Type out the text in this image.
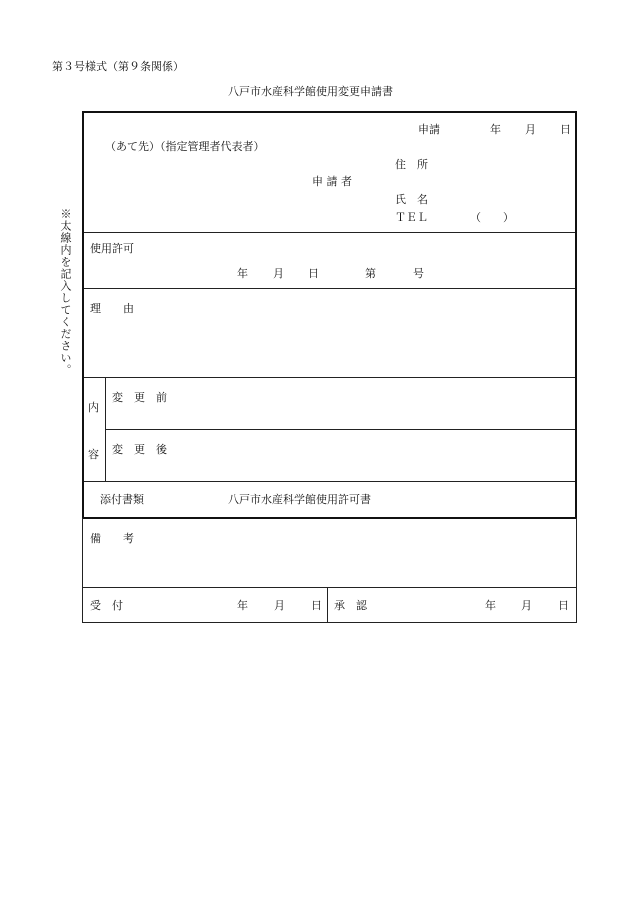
第３号様式（第９条関係）
八戸市水産科学館使用変更申請書
※太線内を記入してください。
申請	年 月 日
（あて先）（指定管理者代表者）
住　所
申 請 者
氏　名
ＴＥＬ	（　　）
使用許可
年 月 日	第	号
理　　由
内
容
変　更　前
変　更　後
添付書類	八戸市水産科学館使用許可書
備　　考
受　付	年 月 日 承　認	年 月 日
